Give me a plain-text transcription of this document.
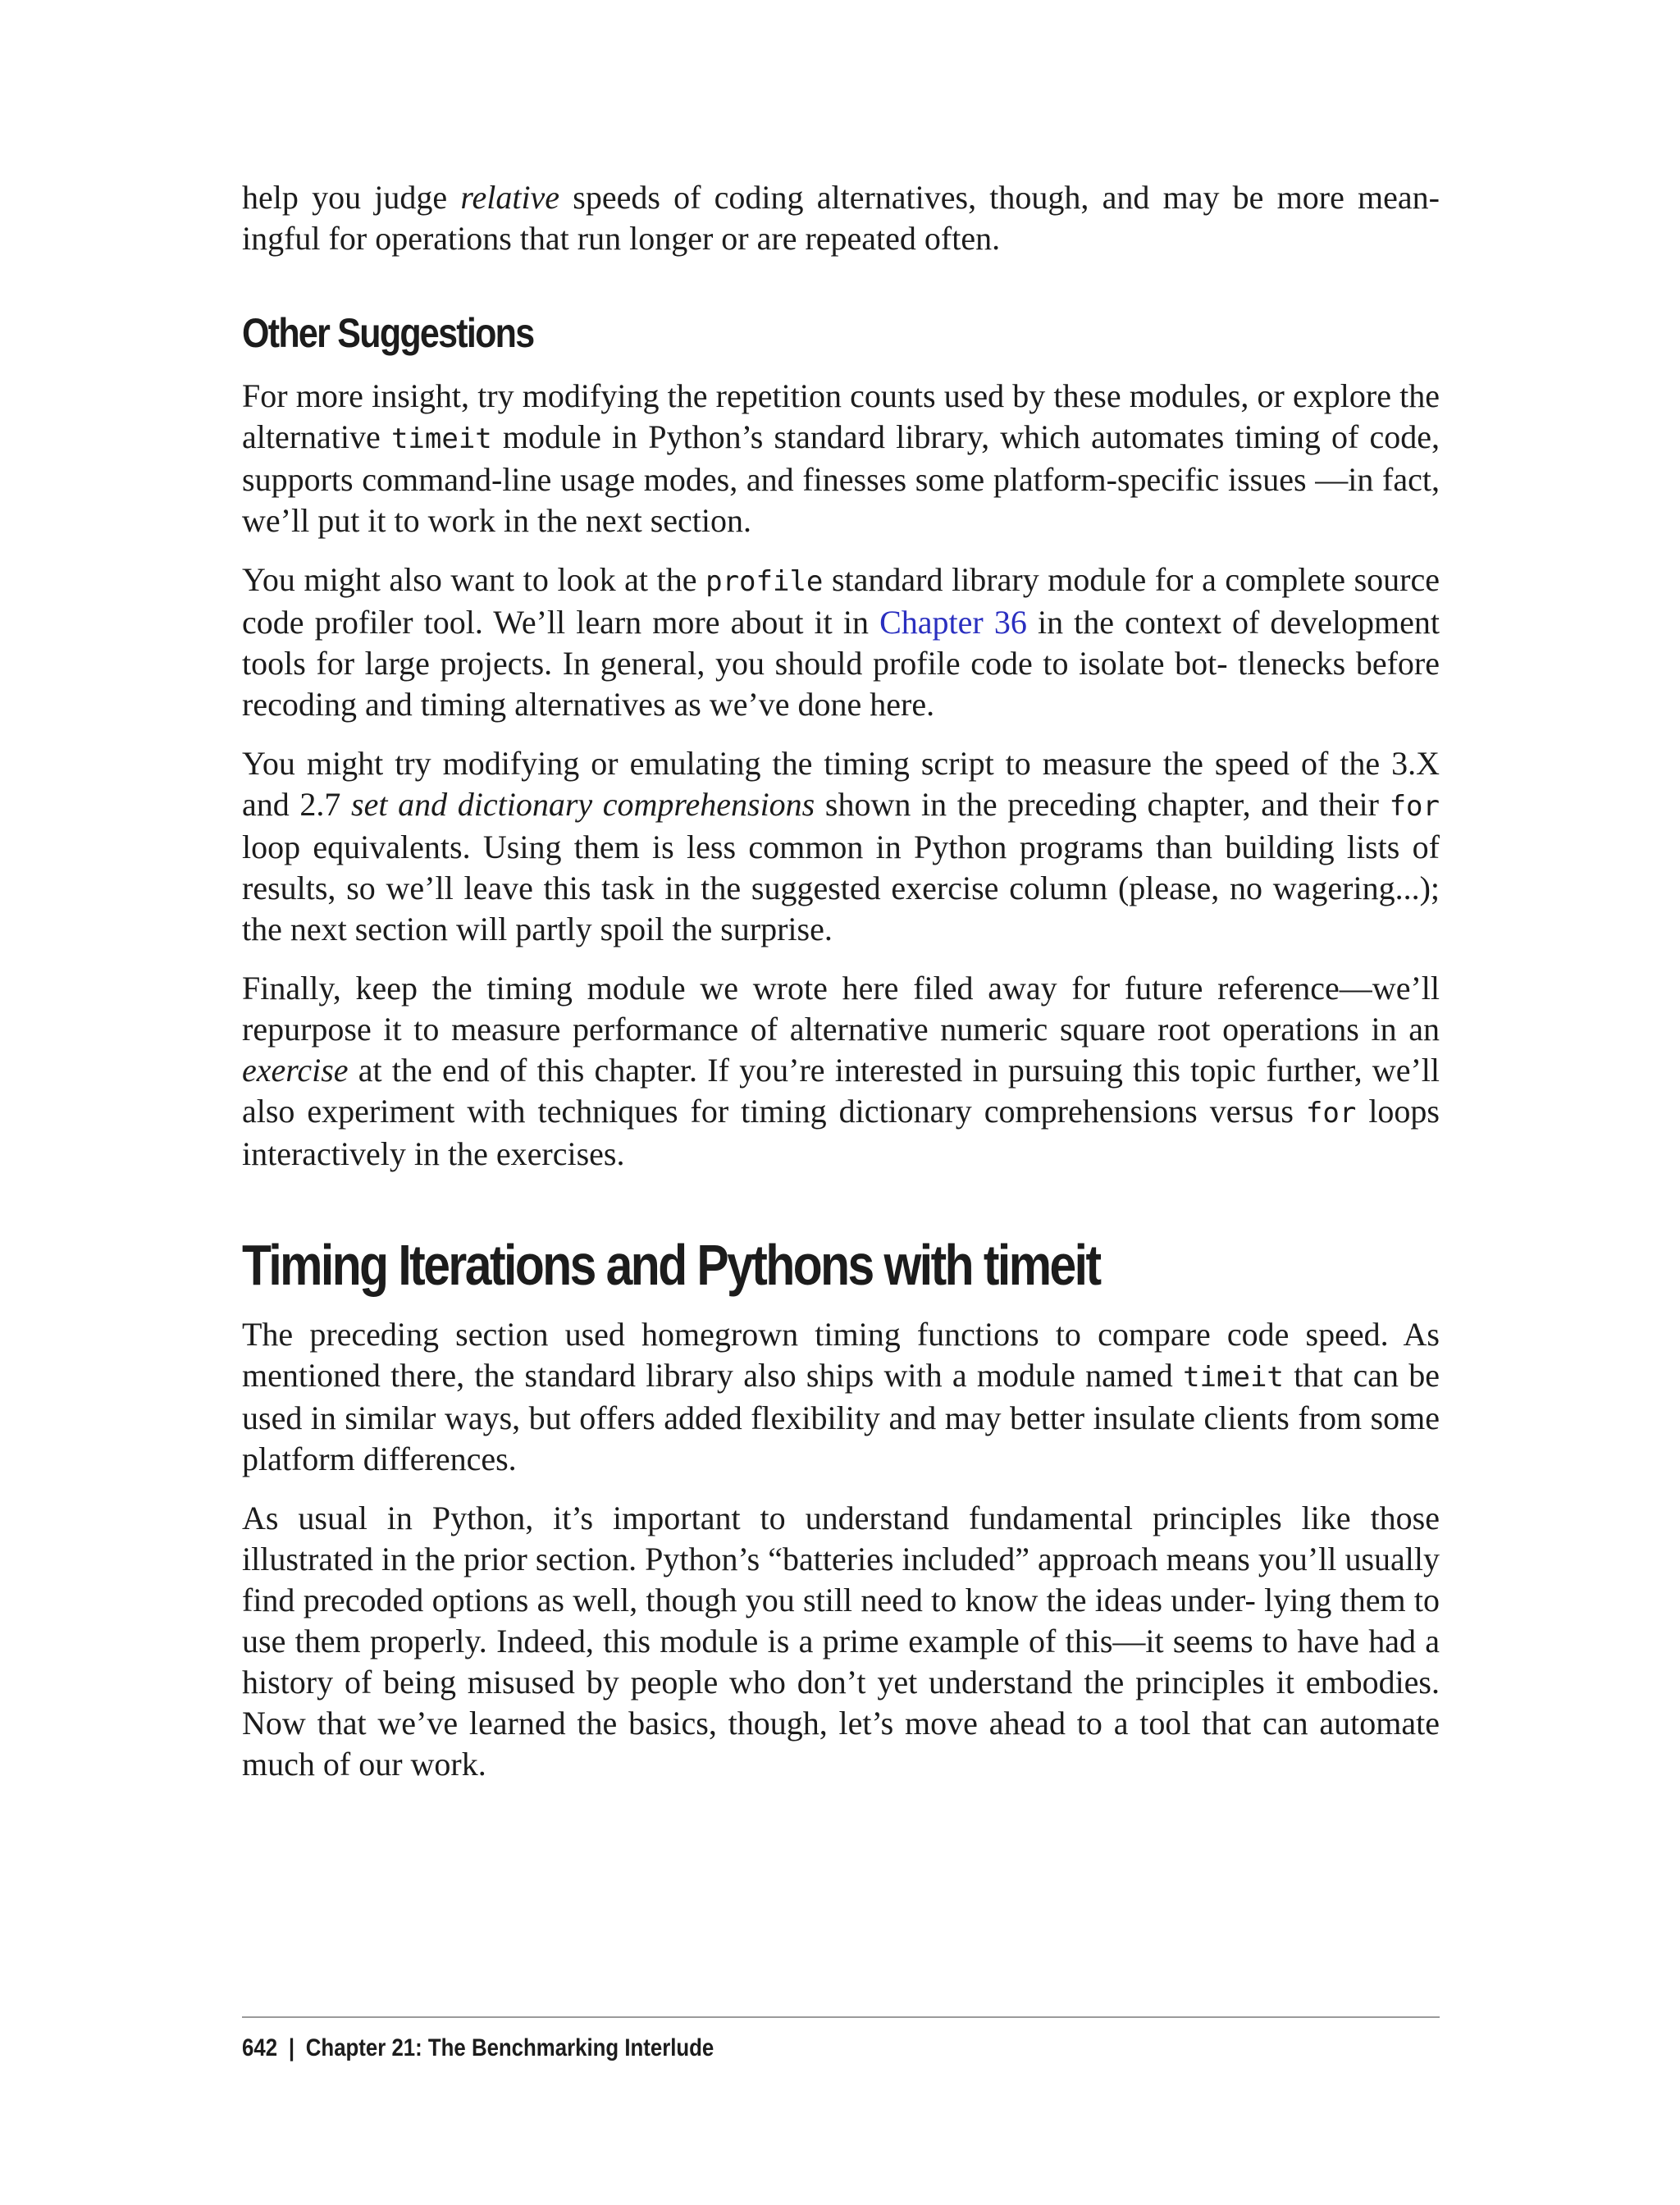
help you judge relative speeds of coding alternatives, though, and may be more mean- ingful for operations that run longer or are repeated often.

Other Suggestions

For more insight, try modifying the repetition counts used by these modules, or explore the alternative timeit module in Python’s standard library, which automates timing of code, supports command-line usage modes, and finesses some platform-specific issues —in fact, we’ll put it to work in the next section.

You might also want to look at the profile standard library module for a complete source code profiler tool. We’ll learn more about it in Chapter 36 in the context of development tools for large projects. In general, you should profile code to isolate bot- tlenecks before recoding and timing alternatives as we’ve done here.

You might try modifying or emulating the timing script to measure the speed of the 3.X and 2.7 set and dictionary comprehensions shown in the preceding chapter, and their for loop equivalents. Using them is less common in Python programs than building lists of results, so we’ll leave this task in the suggested exercise column (please, no wagering...); the next section will partly spoil the surprise.

Finally, keep the timing module we wrote here filed away for future reference—we’ll repurpose it to measure performance of alternative numeric square root operations in an exercise at the end of this chapter. If you’re interested in pursuing this topic further, we’ll also experiment with techniques for timing dictionary comprehensions versus for loops interactively in the exercises.

Timing Iterations and Pythons with timeit

The preceding section used homegrown timing functions to compare code speed. As mentioned there, the standard library also ships with a module named timeit that can be used in similar ways, but offers added flexibility and may better insulate clients from some platform differences.

As usual in Python, it’s important to understand fundamental principles like those illustrated in the prior section. Python’s “batteries included” approach means you’ll usually find precoded options as well, though you still need to know the ideas under- lying them to use them properly. Indeed, this module is a prime example of this—it seems to have had a history of being misused by people who don’t yet understand the principles it embodies. Now that we’ve learned the basics, though, let’s move ahead to a tool that can automate much of our work.

642 | Chapter 21: The Benchmarking Interlude
